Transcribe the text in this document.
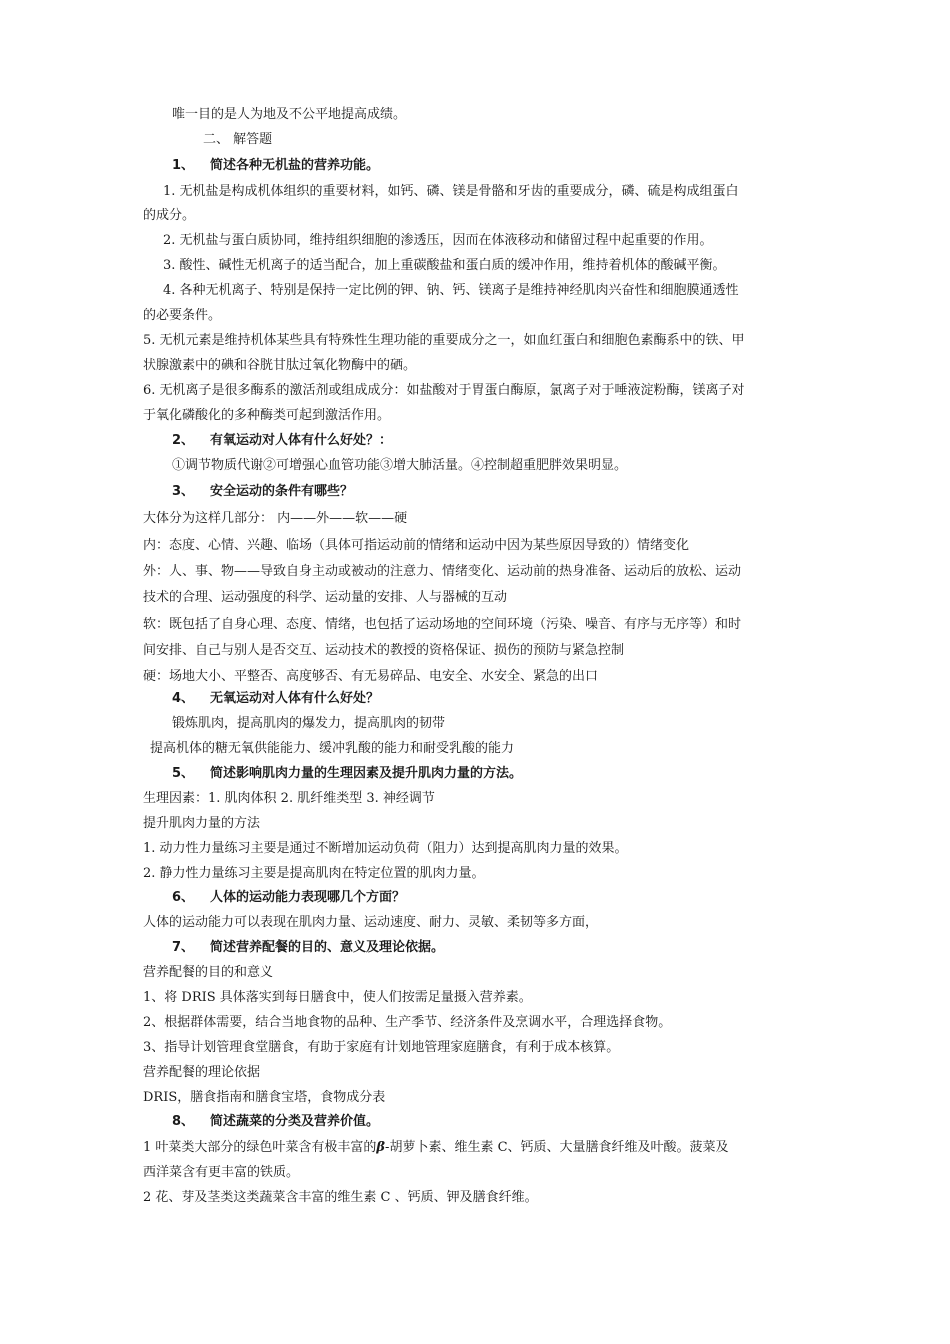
唯一目的是人为地及不公平地提高成绩。
二、 解答题
1、 简述各种无机盐的营养功能。
1. 无机盐是构成机体组织的重要材料，如钙、磷、镁是骨骼和牙齿的重要成分，磷、硫是构成组蛋白
的成分。
2. 无机盐与蛋白质协同，维持组织细胞的渗透压，因而在体液移动和储留过程中起重要的作用。
3. 酸性、碱性无机离子的适当配合，加上重碳酸盐和蛋白质的缓冲作用，维持着机体的酸碱平衡。
4. 各种无机离子、特别是保持一定比例的钾、钠、钙、镁离子是维持神经肌肉兴奋性和细胞膜通透性
的必要条件。
5. 无机元素是维持机体某些具有特殊性生理功能的重要成分之一，如血红蛋白和细胞色素酶系中的铁、甲
状腺激素中的碘和谷胱甘肽过氧化物酶中的硒。
6. 无机离子是很多酶系的激活剂或组成成分：如盐酸对于胃蛋白酶原，氯离子对于唾液淀粉酶，镁离子对
于氧化磷酸化的多种酶类可起到激活作用。
2、 有氧运动对人体有什么好处？：
①调节物质代谢②可增强心血管功能③增大肺活量。④控制超重肥胖效果明显。
3、 安全运动的条件有哪些？
大体分为这样几部分： 内——外——软——硬
内：态度、心情、兴趣、临场（具体可指运动前的情绪和运动中因为某些原因导致的）情绪变化
外：人、事、物——导致自身主动或被动的注意力、情绪变化、运动前的热身准备、运动后的放松、运动
技术的合理、运动强度的科学、运动量的安排、人与器械的互动
软：既包括了自身心理、态度、情绪，也包括了运动场地的空间环境（污染、噪音、有序与无序等）和时
间安排、自己与别人是否交互、运动技术的教授的资格保证、损伤的预防与紧急控制
硬：场地大小、平整否、高度够否、有无易碎品、电安全、水安全、紧急的出口
4、 无氧运动对人体有什么好处？
锻炼肌肉，提高肌肉的爆发力，提高肌肉的韧带
提高机体的糖无氧供能能力、缓冲乳酸的能力和耐受乳酸的能力
5、 简述影响肌肉力量的生理因素及提升肌肉力量的方法。
生理因素：1. 肌肉体积 2. 肌纤维类型 3. 神经调节
提升肌肉力量的方法
1. 动力性力量练习主要是通过不断增加运动负荷（阻力）达到提高肌肉力量的效果。
2. 静力性力量练习主要是提高肌肉在特定位置的肌肉力量。
6、 人体的运动能力表现哪几个方面？
人体的运动能力可以表现在肌肉力量、运动速度、耐力、灵敏、柔韧等多方面，
7、 简述营养配餐的目的、意义及理论依据。
营养配餐的目的和意义
1、将 DRIS 具体落实到每日膳食中，使人们按需足量摄入营养素。
2、根据群体需要，结合当地食物的品种、生产季节、经济条件及烹调水平，合理选择食物。
3、指导计划管理食堂膳食，有助于家庭有计划地管理家庭膳食，有利于成本核算。
营养配餐的理论依据
DRIS，膳食指南和膳食宝塔，食物成分表
8、 简述蔬菜的分类及营养价值。
1 叶菜类大部分的绿色叶菜含有极丰富的β-胡萝卜素、维生素 C、钙质、大量膳食纤维及叶酸。菠菜及
西洋菜含有更丰富的铁质。
2 花、芽及茎类这类蔬菜含丰富的维生素 C 、钙质、钾及膳食纤维。
